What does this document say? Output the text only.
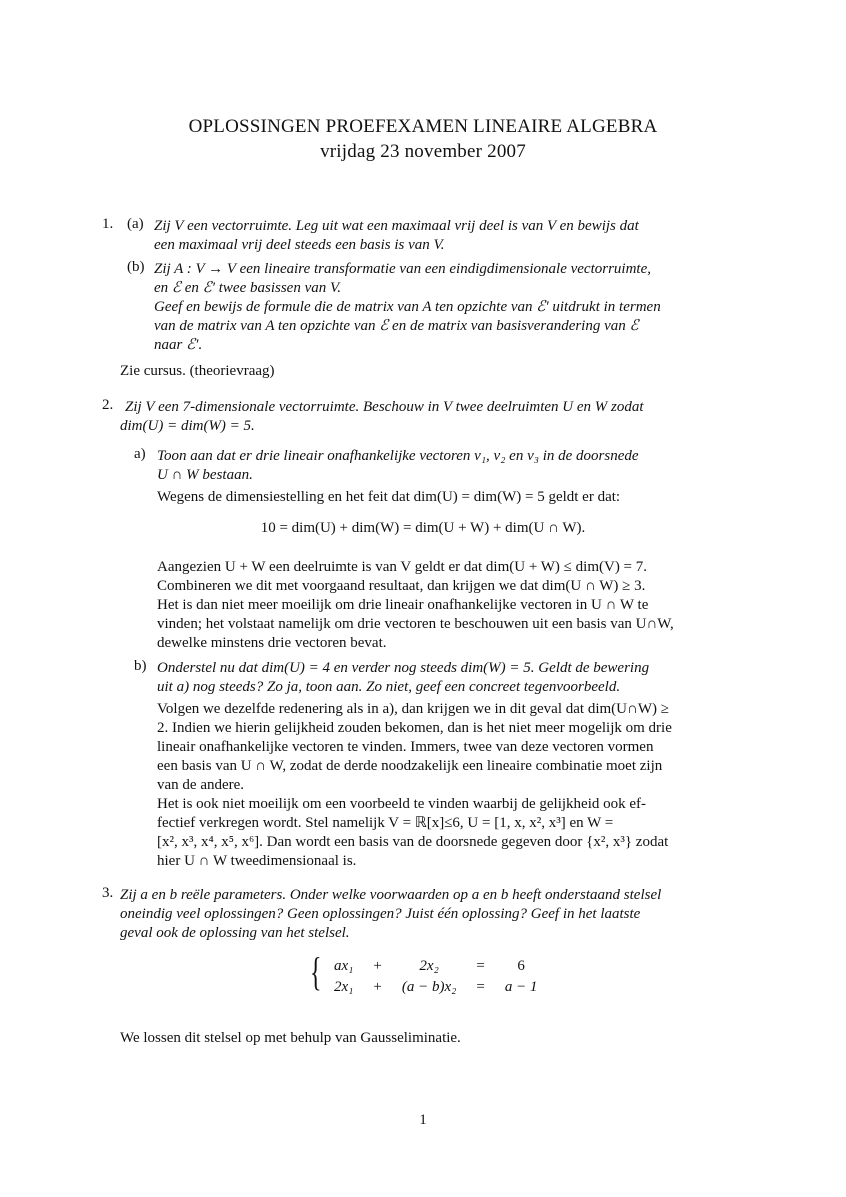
OPLOSSINGEN PROEFEXAMEN LINEAIRE ALGEBRA
vrijdag 23 november 2007
1. (a) Zij V een vectorruimte. Leg uit wat een maximaal vrij deel is van V en bewijs dat
een maximaal vrij deel steeds een basis is van V.
(b) Zij A : V → V een lineaire transformatie van een eindigdimensionale vectorruimte,
en ℰ en ℰ′ twee basissen van V.
Geef en bewijs de formule die de matrix van A ten opzichte van ℰ′ uitdrukt in termen
van de matrix van A ten opzichte van ℰ en de matrix van basisverandering van ℰ
naar ℰ′.
Zie cursus. (theorievraag)
2. Zij V een 7-dimensionale vectorruimte. Beschouw in V twee deelruimten U en W zodat
dim(U) = dim(W) = 5.
a) Toon aan dat er drie lineair onafhankelijke vectoren v₁, v₂ en v₃ in de doorsnede
U ∩ W bestaan.
Wegens de dimensiestelling en het feit dat dim(U) = dim(W) = 5 geldt er dat:
10 = dim(U) + dim(W) = dim(U + W) + dim(U ∩ W).
Aangezien U + W een deelruimte is van V geldt er dat dim(U + W) ≤ dim(V) = 7.
Combineren we dit met voorgaand resultaat, dan krijgen we dat dim(U ∩ W) ≥ 3.
Het is dan niet meer moeilijk om drie lineair onafhankelijke vectoren in U ∩ W te
vinden; het volstaat namelijk om drie vectoren te beschouwen uit een basis van U∩W,
dewelke minstens drie vectoren bevat.
b) Onderstel nu dat dim(U) = 4 en verder nog steeds dim(W) = 5. Geldt de bewering
uit a) nog steeds? Zo ja, toon aan. Zo niet, geef een concreet tegenvoorbeeld.
Volgen we dezelfde redenering als in a), dan krijgen we in dit geval dat dim(U∩W) ≥
2. Indien we hierin gelijkheid zouden bekomen, dan is het niet meer mogelijk om drie
lineair onafhankelijke vectoren te vinden. Immers, twee van deze vectoren vormen
een basis van U ∩ W, zodat de derde noodzakelijk een lineaire combinatie moet zijn
van de andere.
Het is ook niet moeilijk om een voorbeeld te vinden waarbij de gelijkheid ook ef-
fectief verkregen wordt. Stel namelijk V = ℝ[x]≤6, U = [1, x, x², x³] en W =
[x², x³, x⁴, x⁵, x⁶]. Dan wordt een basis van de doorsnede gegeven door {x², x³} zodat
hier U ∩ W tweedimensionaal is.
3. Zij a en b reële parameters. Onder welke voorwaarden op a en b heeft onderstaand stelsel
oneindig veel oplossingen? Geen oplossingen? Juist één oplossing? Geef in het laatste
geval ook de oplossing van het stelsel.
{ ax₁	+	2x₂	=	6
2x₁	+	(a − b)x₂	=	a − 1
We lossen dit stelsel op met behulp van Gausseliminatie.
1
